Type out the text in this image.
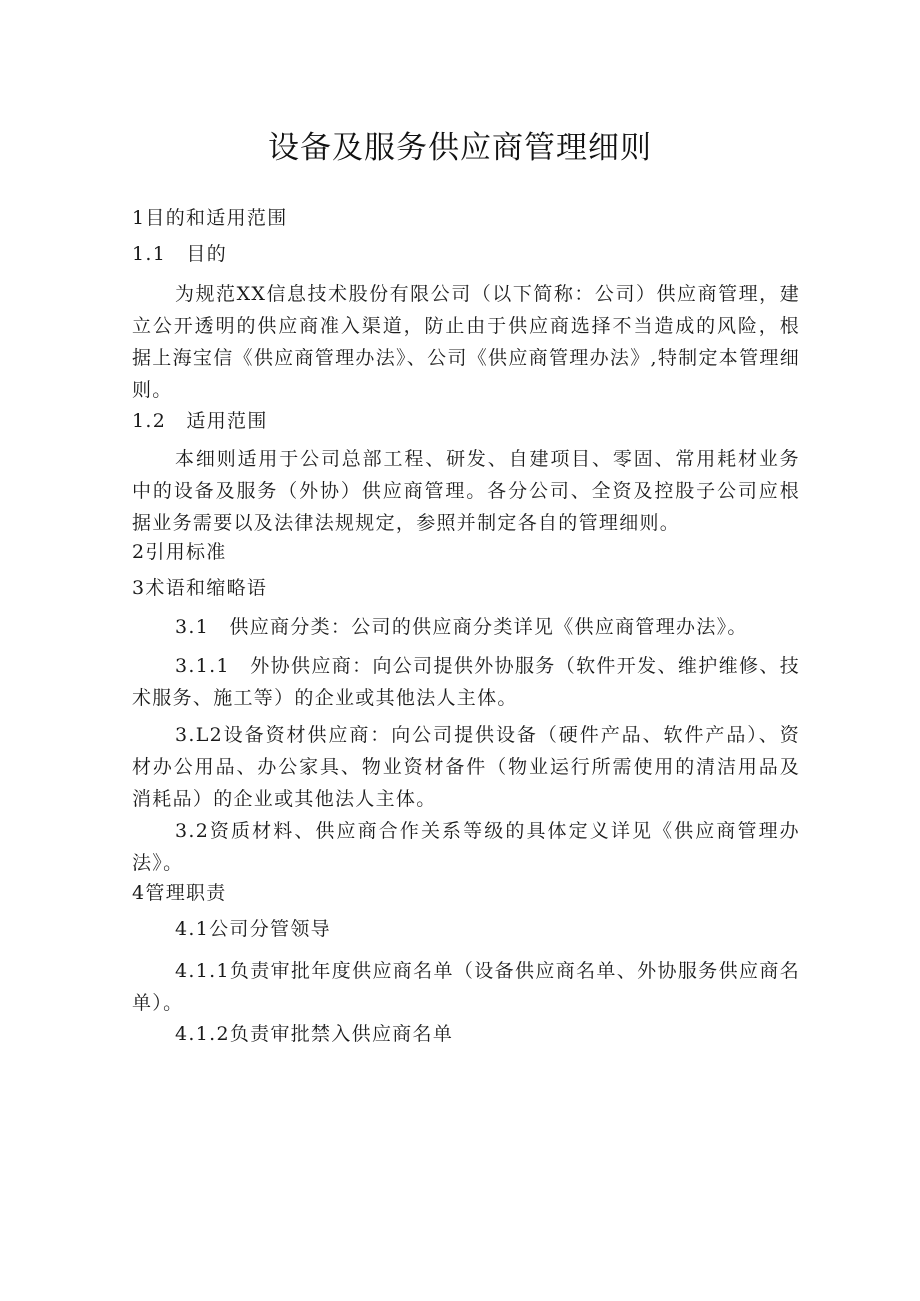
设备及服务供应商管理细则
1目的和适用范围
1.1　目的
为规范XX信息技术股份有限公司（以下简称：公司）供应商管理，建立公开透明的供应商准入渠道，防止由于供应商选择不当造成的风险，根据上海宝信《供应商管理办法》、公司《供应商管理办法》,特制定本管理细则。
1.2　适用范围
本细则适用于公司总部工程、研发、自建项目、零固、常用耗材业务中的设备及服务（外协）供应商管理。各分公司、全资及控股子公司应根据业务需要以及法律法规规定，参照并制定各自的管理细则。
2引用标准
3术语和缩略语
3.1　供应商分类：公司的供应商分类详见《供应商管理办法》。
3.1.1　外协供应商：向公司提供外协服务（软件开发、维护维修、技术服务、施工等）的企业或其他法人主体。
3.L2设备资材供应商：向公司提供设备（硬件产品、软件产品）、资材办公用品、办公家具、物业资材备件（物业运行所需使用的清洁用品及消耗品）的企业或其他法人主体。
3.2资质材料、供应商合作关系等级的具体定义详见《供应商管理办法》。
4管理职责
4.1公司分管领导
4.1.1负责审批年度供应商名单（设备供应商名单、外协服务供应商名单）。
4.1.2负责审批禁入供应商名单
